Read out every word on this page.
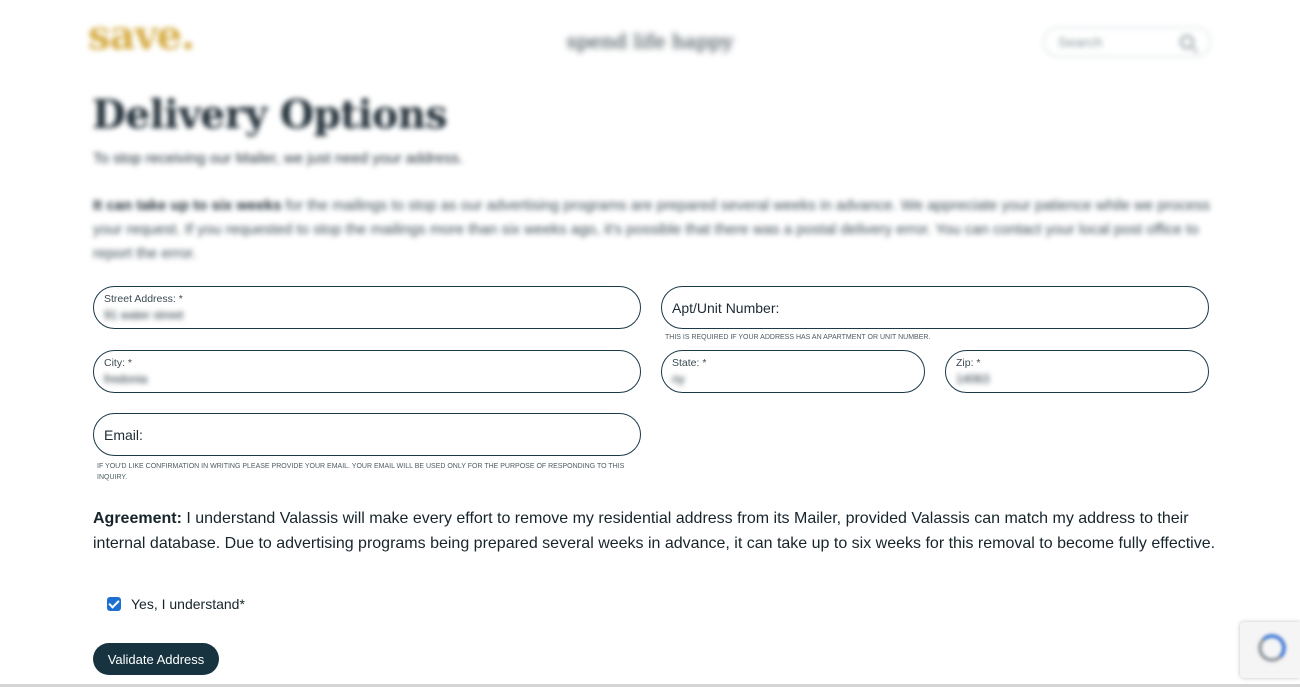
save.	spend life happy	Search
Delivery Options
To stop receiving our Mailer, we just need your address.
It can take up to six weeks for the mailings to stop as our advertising programs are prepared several weeks in advance. We appreciate your patience while we process your request. If you requested to stop the mailings more than six weeks ago, it's possible that there was a postal delivery error. You can contact your local post office to report the error.
Street Address: *
91 water street	Apt/Unit Number:
THIS IS REQUIRED IF YOUR ADDRESS HAS AN APARTMENT OR UNIT NUMBER.
City: *
fredonia
State: *
ny
Zip: *
14063
Email:
IF YOU'D LIKE CONFIRMATION IN WRITING PLEASE PROVIDE YOUR EMAIL. YOUR EMAIL WILL BE USED ONLY FOR THE PURPOSE OF RESPONDING TO THIS INQUIRY.
Agreement: I understand Valassis will make every effort to remove my residential address from its Mailer, provided Valassis can match my address to their internal database. Due to advertising programs being prepared several weeks in advance, it can take up to six weeks for this removal to become fully effective.
Yes, I understand*
Validate Address
